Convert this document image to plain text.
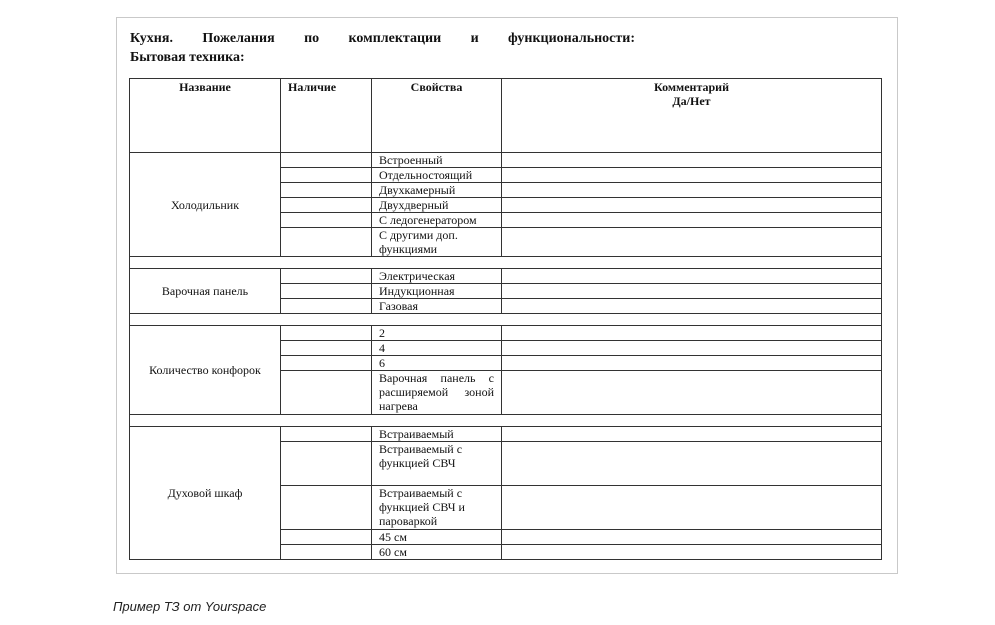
Кухня. Пожелания по комплектации и функциональности:
Бытовая техника:
Название	Наличие	Свойства	Комментарий
Да/Нет

Холодильник		Встроенный	
		Отдельностоящий	
		Двухкамерный	
		Двухдверный	
		С ледогенератором	
		С другими доп. функциями	

Варочная панель		Электрическая	
		Индукционная	
		Газовая	

Количество конфорок		2	
		4	
		6	
		Варочная панель с расширяемой зоной нагрева	

Духовой шкаф		Встраиваемый	
		Встраиваемый с функцией СВЧ	
		Встраиваемый с функцией СВЧ и пароваркой	
		45 см	
		60 см	
Пример ТЗ от Yourspace
